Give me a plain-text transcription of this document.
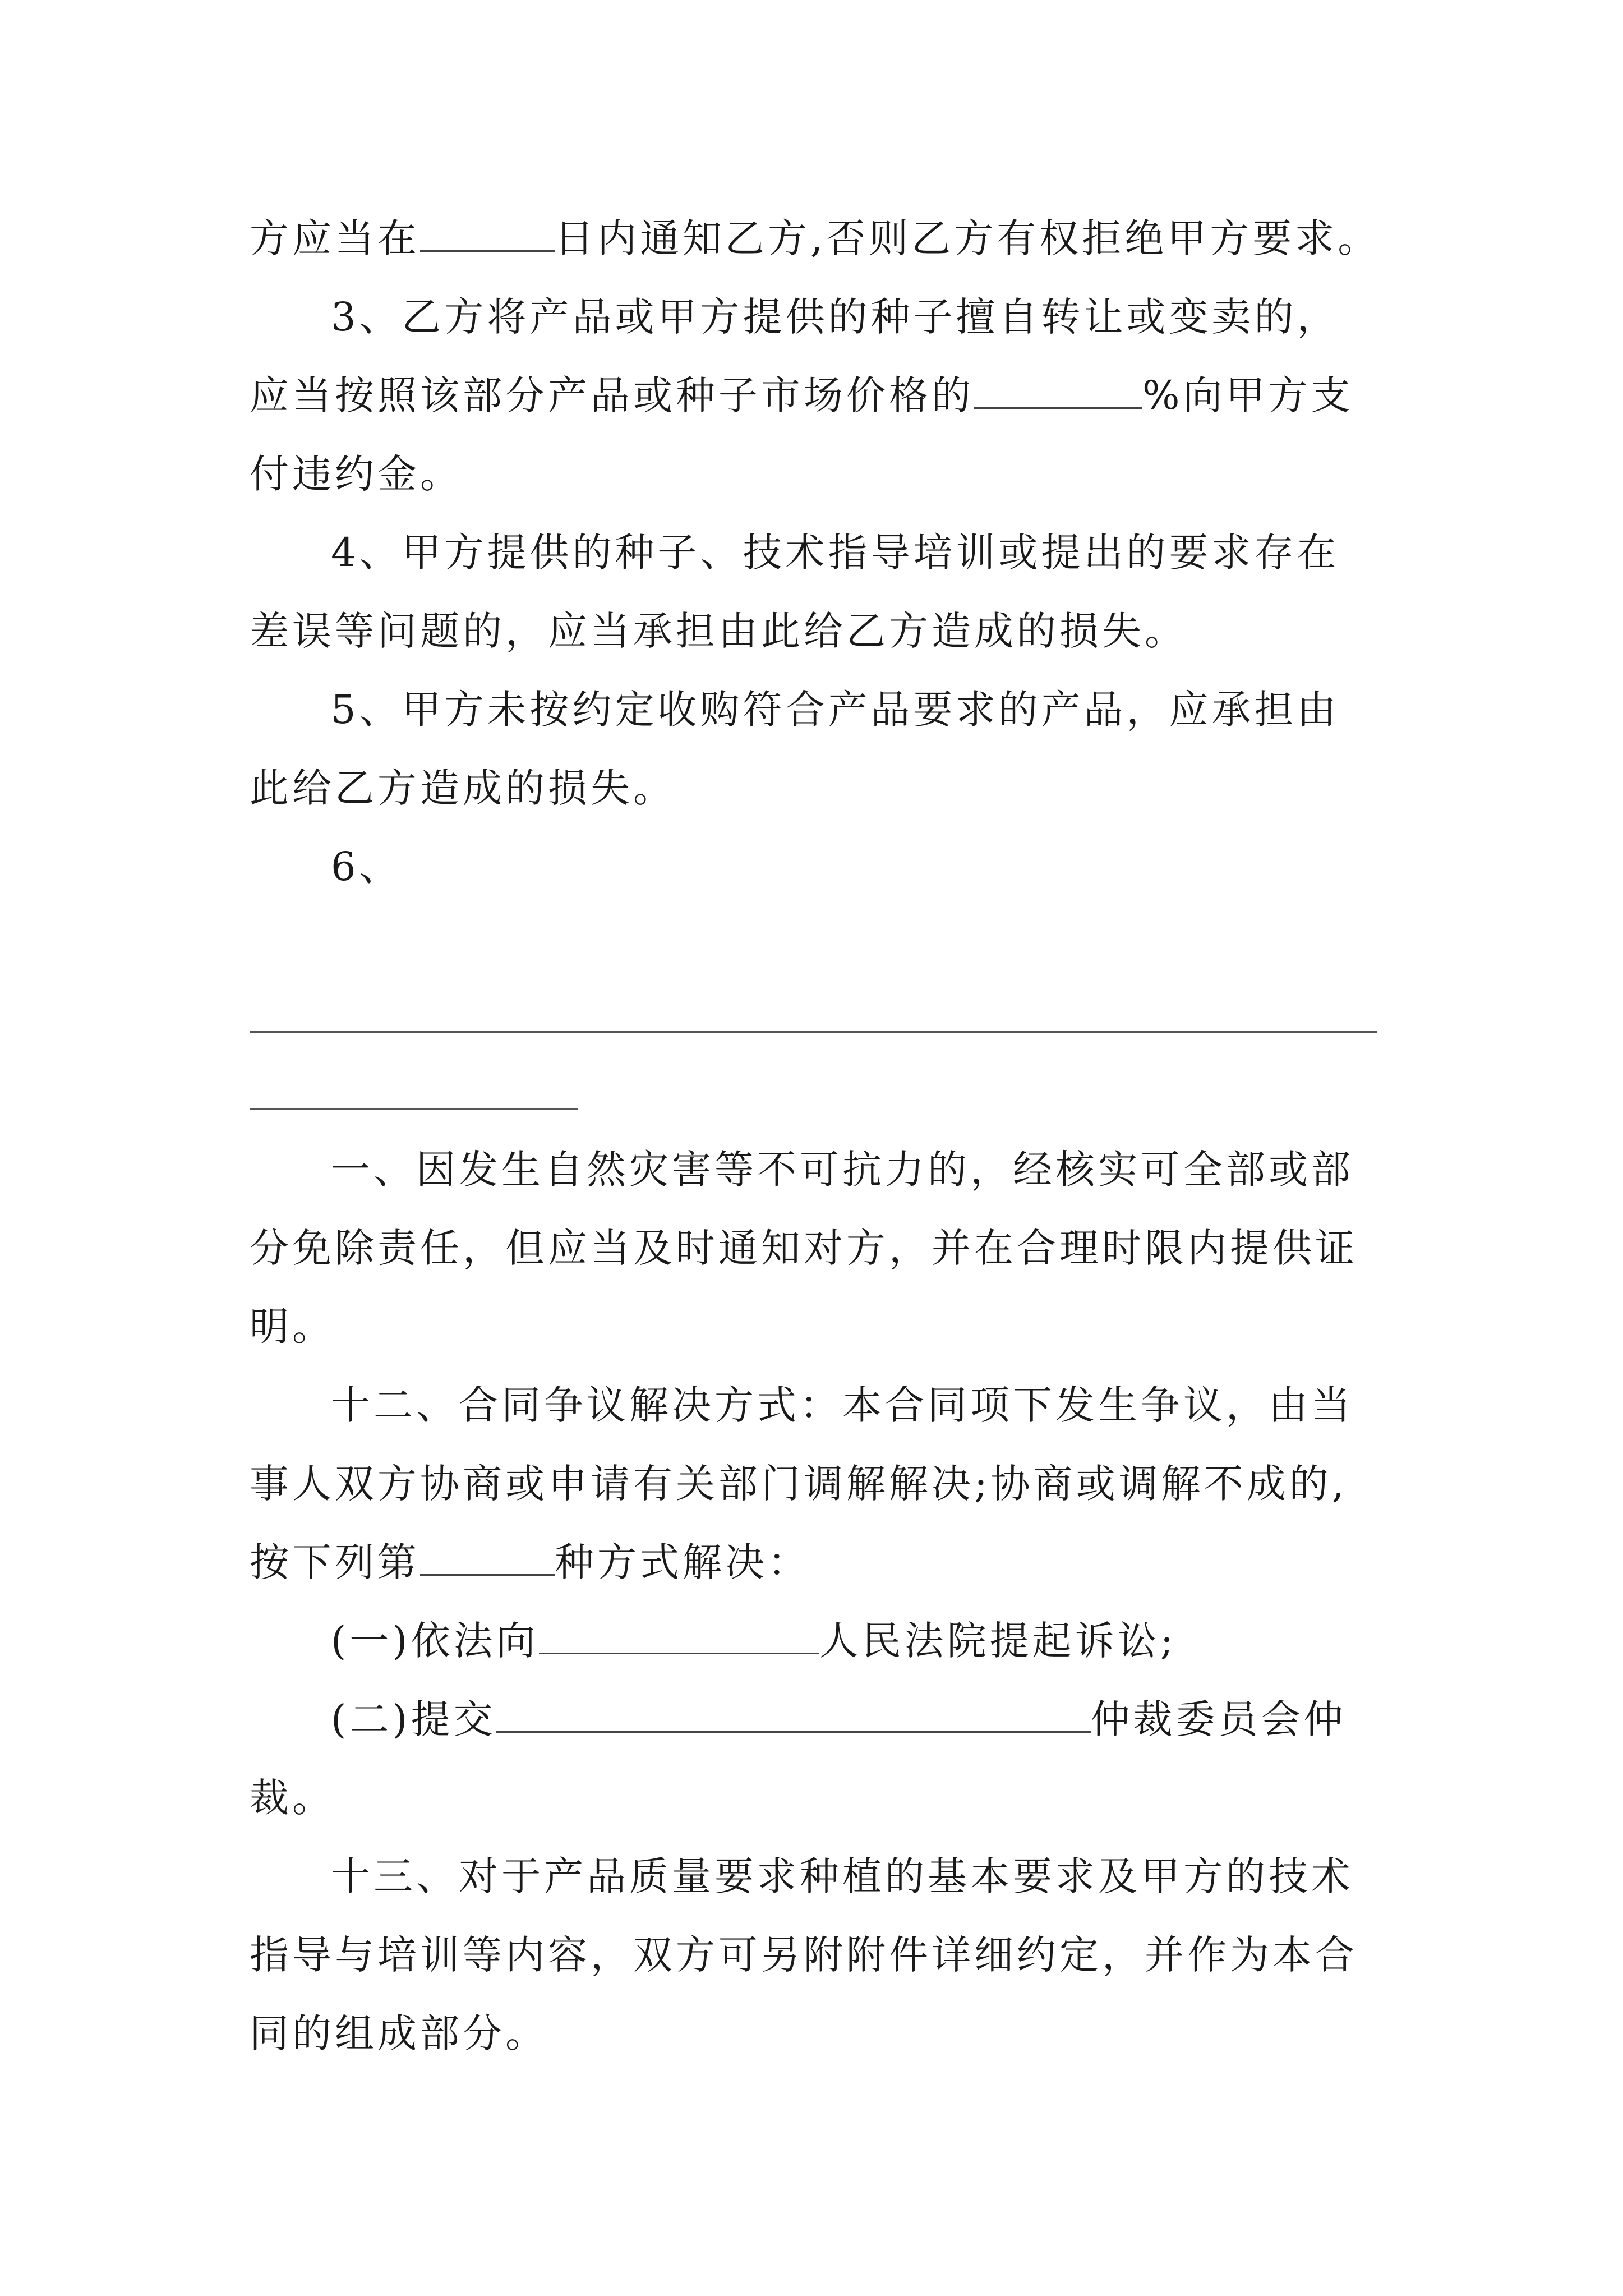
方应当在	日内通知乙方,否则乙方有权拒绝甲方要求。
3、乙方将产品或甲方提供的种子擅自转让或变卖的，
应当按照该部分产品或种子市场价格的	%向甲方支
付违约金。
4、甲方提供的种子、技术指导培训或提出的要求存在
差误等问题的，应当承担由此给乙方造成的损失。
5、甲方未按约定收购符合产品要求的产品，应承担由
此给乙方造成的损失。
6、
一、因发生自然灾害等不可抗力的，经核实可全部或部
分免除责任，但应当及时通知对方，并在合理时限内提供证
明。
十二、合同争议解决方式：本合同项下发生争议，由当
事人双方协商或申请有关部门调解解决;协商或调解不成的,
按下列第	种方式解决：
(一)依法向	人民法院提起诉讼;
(二)提交	仲裁委员会仲
裁。
十三、对于产品质量要求种植的基本要求及甲方的技术
指导与培训等内容，双方可另附附件详细约定，并作为本合
同的组成部分。
